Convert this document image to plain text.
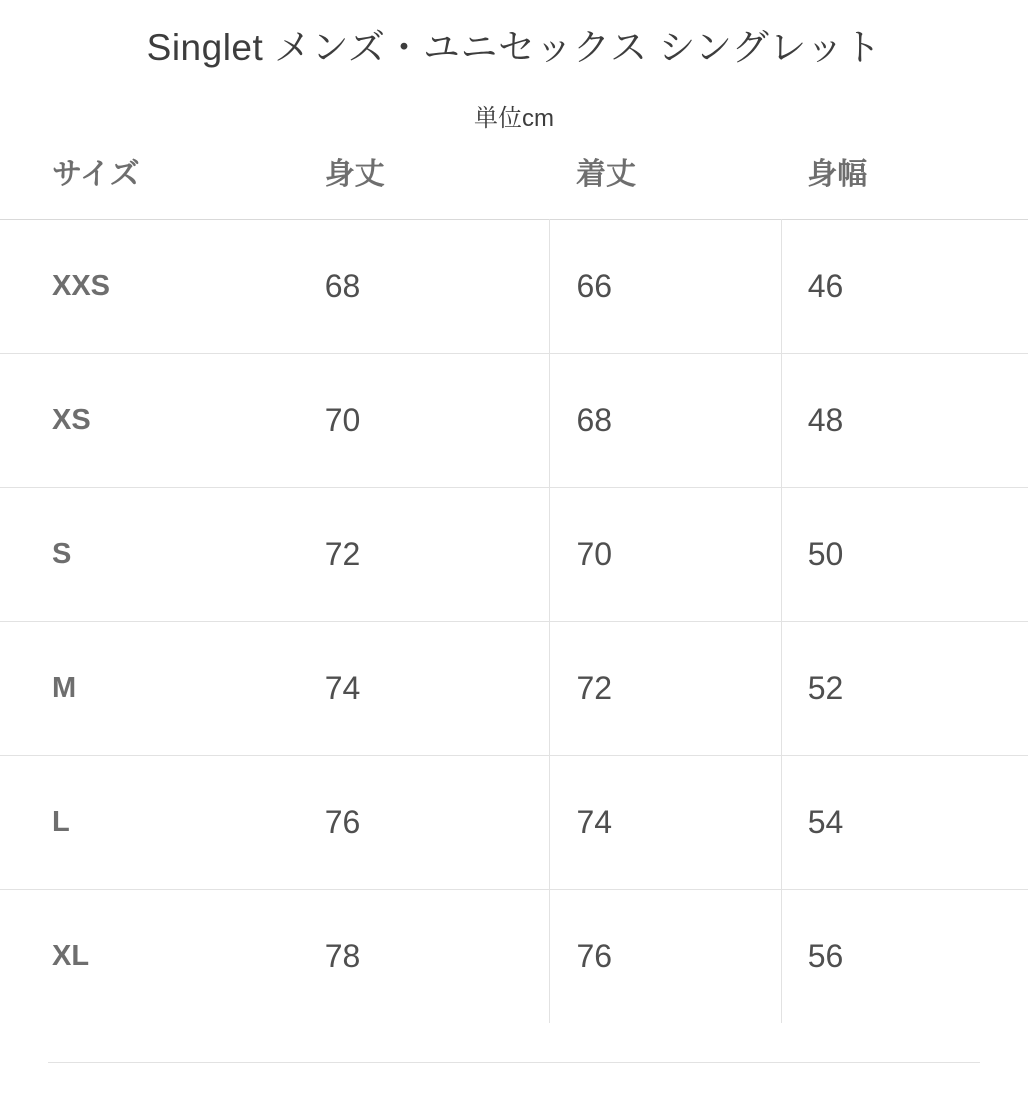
Singlet メンズ・ユニセックス シングレット
単位cm
サイズ	身丈	着丈	身幅
XXS	68	66	46
XS	70	68	48
S	72	70	50
M	74	72	52
L	76	74	54
XL	78	76	56
